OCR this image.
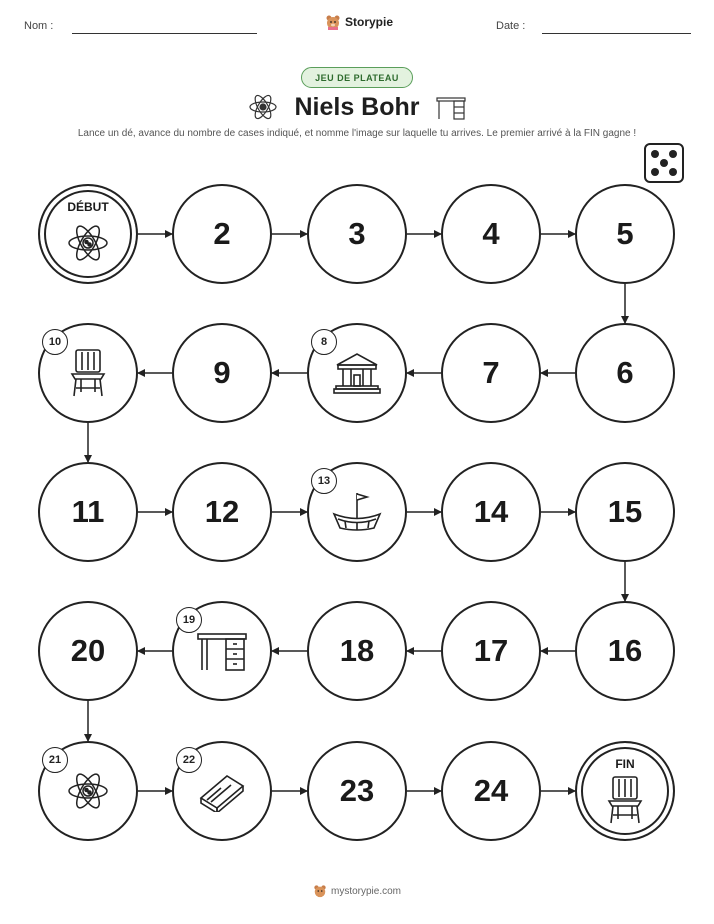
Nom :	Storypie	Date :
JEU DE PLATEAU
Niels Bohr
Lance un dé, avance du nombre de cases indiqué, et nomme l'image sur laquelle tu arrives. Le premier arrivé à la FIN gagne !
DÉBUT
2	3	4	5
6
7
8
9
10
11	12
13
14	15
16
17
18
19
20
21	22
23	24
FIN
mystorypie.com
